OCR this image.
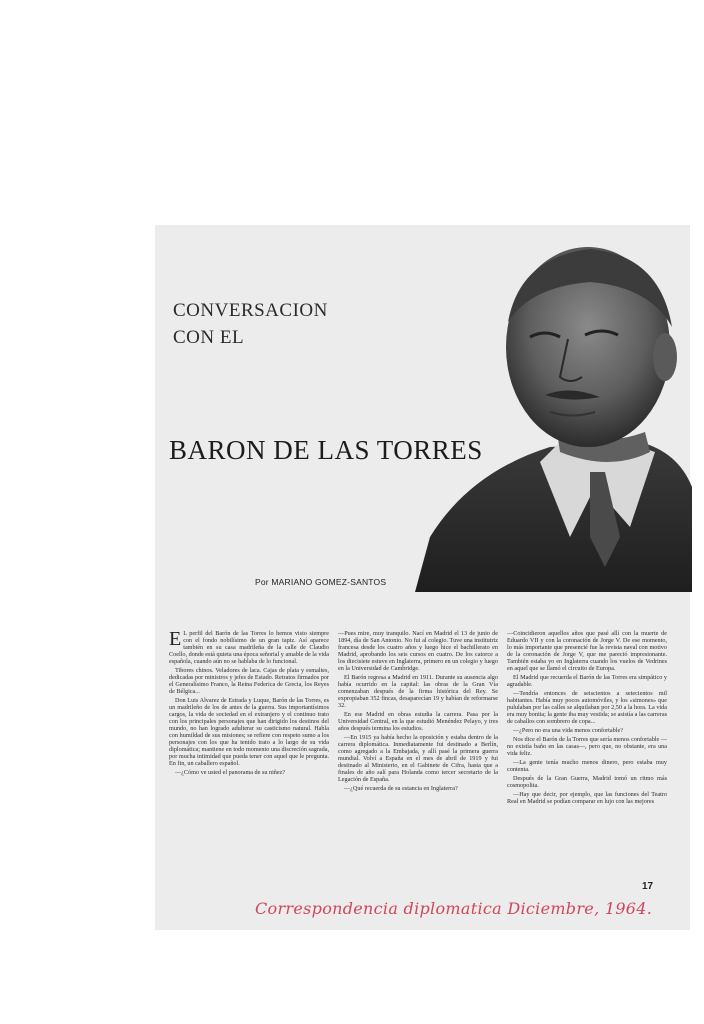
CONVERSACION
CON EL
BARON DE LAS TORRES
Por MARIANO GOMEZ-SANTOS

E L perfil del Barón de las Torres lo hemos visto siempre con el fondo nobilísimo de un gran tapiz. Así aparece también en su casa madrileña de la calle de Claudio Coello, donde está quieta una época señorial y amable de la vida española, cuando aún no se hablaba de lo funcional.

Tibores chinos. Veladores de laca. Cajas de plata y esmaltes, dedicadas por ministros y jefes de Estado. Retratos firmados por el Generalísimo Franco, la Reina Federica de Grecia, los Reyes de Bélgica...

Don Luis Alvarez de Estrada y Luque, Barón de las Torres, es un madrileño de los de antes de la guerra. Sus importantísimos cargos, la vida de sociedad en el extranjero y el continuo trato con los principales personajes que han dirigido los destinos del mundo, no han logrado adulterar su casticismo natural. Habla con humildad de sus misiones; se refiere con respeto sumo a los personajes con los que ha tenido trato a lo largo de su vida diplomática; mantiene en todo momento una discreción sagrada, por mucha intimidad que pueda tener con aquel que le pregunta. En fin, un caballero español.

—¿Cómo ve usted el panorama de su niñez?

—Pues mire, muy tranquilo. Nací en Madrid el 13 de junio de 1894, día de San Antonio. No fui al colegio. Tuve una institutriz francesa desde los cuatro años y luego hice el bachillerato en Madrid, aprobando los seis cursos en cuatro. De los catorce a los diecisiete estuve en Inglaterra, primero en un colegio y luego en la Universidad de Cambridge.

El Barón regresa a Madrid en 1911. Durante su ausencia algo había ocurrido en la capital: las obras de la Gran Vía comenzaban después de la firma histórica del Rey. Se expropiaban 352 fincas, desaparecían 19 y habían de reformarse 32.

En ese Madrid en obras estudia la carrera. Pasa por la Universidad Central, en la que estudió Menéndez Pelayo, y tres años después termina los estudios.

—En 1915 ya había hecho la oposición y estaba dentro de la carrera diplomática. Inmediatamente fui destinado a Berlín, como agregado a la Embajada, y allí pasé la primera guerra mundial. Volví a España en el mes de abril de 1919 y fui destinado al Ministerio, en el Gabinete de Cifra, hasta que a finales de año salí para Holanda como tercer secretario de la Legación de España.

—¿Qué recuerda de su estancia en Inglaterra?

—Coincidieron aquellos años que pasé allí con la muerte de Eduardo VII y con la coronación de Jorge V. De ese momento, lo más importante que presencié fue la revista naval con motivo de la coronación de Jorge V, que me pareció impresionante. También estaba yo en Inglaterra cuando los vuelos de Vedrines en aquel que se llamó el circuito de Europa.

El Madrid que recuerda el Barón de las Torres era simpático y agradable.

—Tendría entonces de seiscientos a setecientos mil habitantes. Había muy pocos automóviles, y los «simones» que pululaban por las calles se alquilaban por 2,50 a la hora. La vida era muy bonita; la gente iba muy vestida; se asistía a las carreras de caballos con sombrero de copa...

—¿Pero no era una vida menos confortable?

Nos dice el Barón de la Torres que sería menos confortable —no existía baño en las casas—, pero que, no obstante, era una vida feliz.

—La gente tenía mucho menos dinero, pero estaba muy contenta.

Después de la Gran Guerra, Madrid tomó un ritmo más cosmopolita.

—Hay que decir, por ejemplo, que las funciones del Teatro Real en Madrid se podían comparar en lujo con las mejores

17
Correspondencia diplomatica Diciembre, 1964.
